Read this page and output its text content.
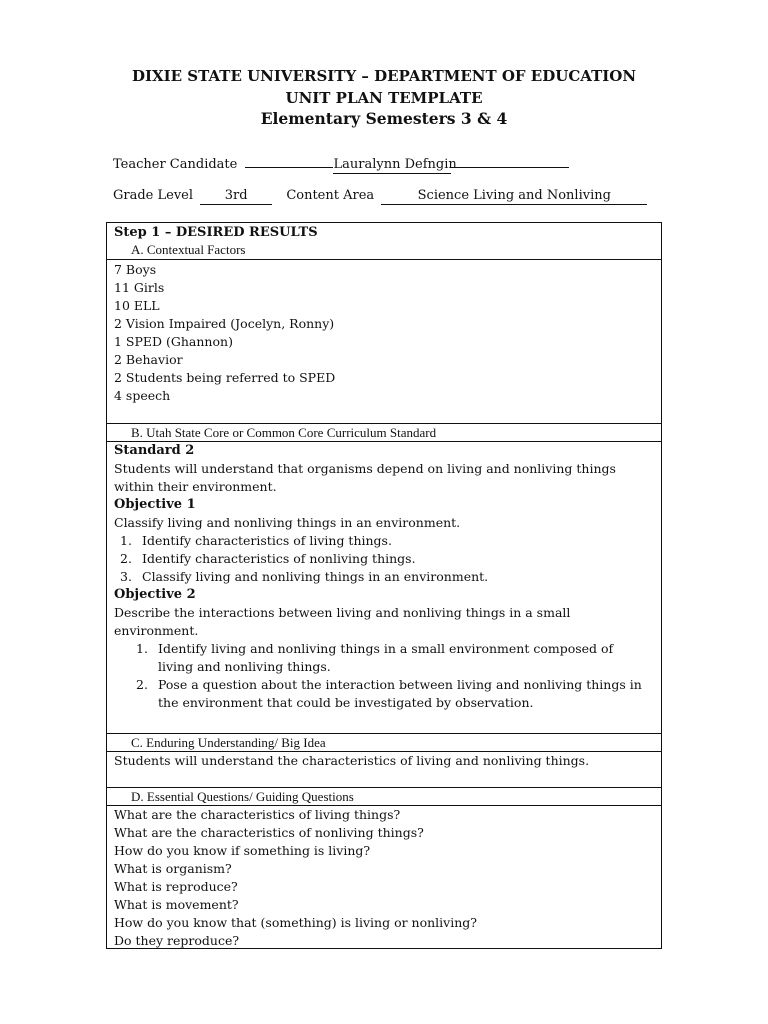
DIXIE STATE UNIVERSITY – DEPARTMENT OF EDUCATION
UNIT PLAN TEMPLATE
Elementary Semesters 3 & 4
Teacher Candidate	Lauralynn Defngin
Grade Level 3rd	Content Area	Science Living and Nonliving
Step 1 – DESIRED RESULTS
A. Contextual Factors
7 Boys
11 Girls
10 ELL
2 Vision Impaired (Jocelyn, Ronny)
1 SPED (Ghannon)
2 Behavior
2 Students being referred to SPED
4 speech
B. Utah State Core or Common Core Curriculum Standard
Standard 2
Students will understand that organisms depend on living and nonliving things
within their environment.
Objective 1
Classify living and nonliving things in an environment.
1. Identify characteristics of living things.
2. Identify characteristics of nonliving things.
3. Classify living and nonliving things in an environment.
Objective 2
Describe the interactions between living and nonliving things in a small
environment.
1. Identify living and nonliving things in a small environment composed of
living and nonliving things.
2. Pose a question about the interaction between living and nonliving things in
the environment that could be investigated by observation.
C. Enduring Understanding/ Big Idea
Students will understand the characteristics of living and nonliving things.
D. Essential Questions/ Guiding Questions
What are the characteristics of living things?
What are the characteristics of nonliving things?
How do you know if something is living?
What is organism?
What is reproduce?
What is movement?
How do you know that (something) is living or nonliving?
Do they reproduce?
